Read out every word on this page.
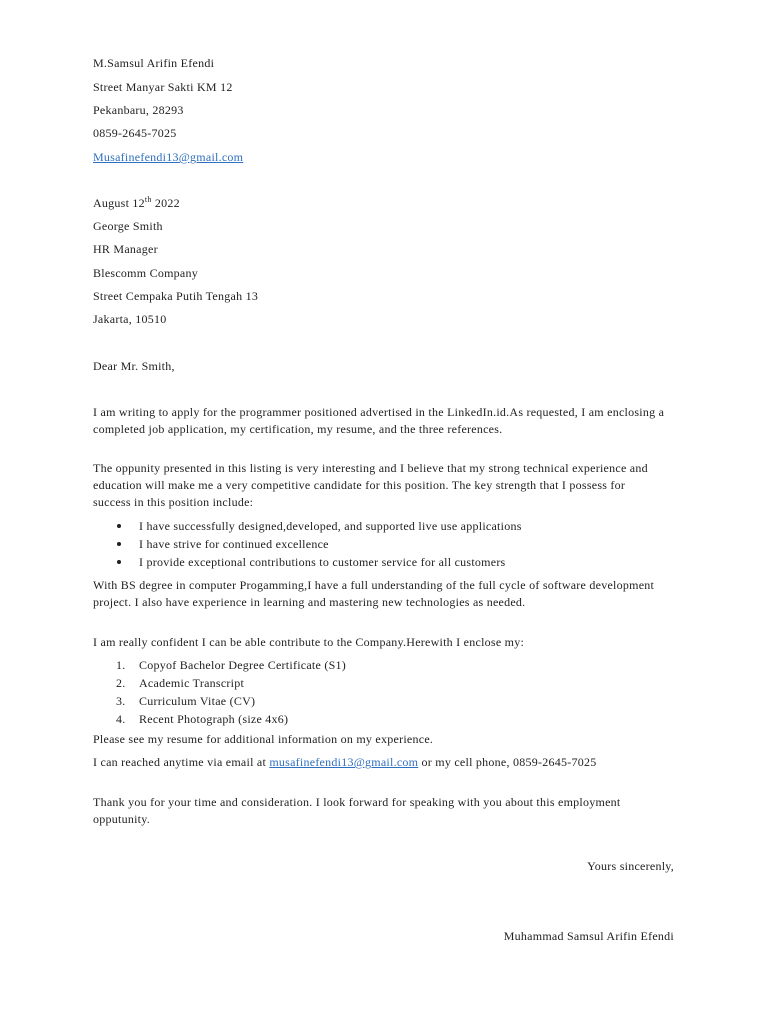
M.Samsul Arifin Efendi
Street Manyar Sakti KM 12
Pekanbaru, 28293
0859-2645-7025
Musafinefendi13@gmail.com
August 12th 2022
George Smith
HR Manager
Blescomm Company
Street Cempaka Putih Tengah 13
Jakarta, 10510
Dear Mr. Smith,
I am writing to apply for the programmer positioned advertised in the LinkedIn.id.As requested, I am enclosing a completed job application, my certification, my resume, and the three references.
The oppunity presented in this listing is very interesting and I believe that my strong technical experience and education will make me a very competitive candidate for this position. The key strength that I possess for success in this position include:
I have successfully designed,developed, and supported live use applications
I have strive for continued excellence
I provide exceptional contributions to customer service for all customers
With BS degree in computer Progamming,I have a full understanding of the full cycle of software development project. I also have experience in learning and mastering new technologies as needed.
I am really confident I can be able contribute to the Company.Herewith I enclose my:
1. Copyof Bachelor Degree Certificate (S1)
2. Academic Transcript
3. Curriculum Vitae (CV)
4. Recent Photograph (size 4x6)
Please see my resume for additional information on my experience.
I can reached anytime via email at musafinefendi13@gmail.com or my cell phone, 0859-2645-7025
Thank you for your time and consideration. I look forward for speaking with you about this employment opputunity.
Yours sincerenly,
Muhammad Samsul Arifin Efendi
